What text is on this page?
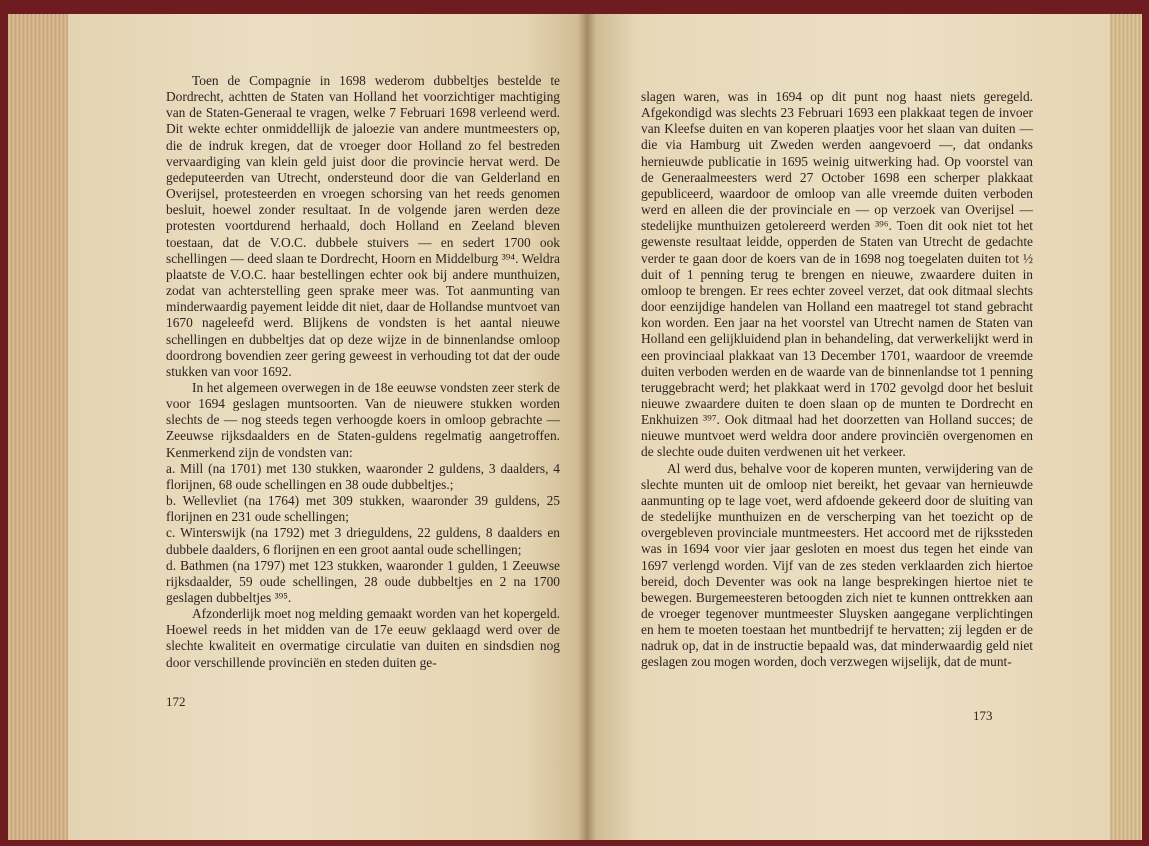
Toen de Compagnie in 1698 wederom dubbeltjes bestelde te Dordrecht, achtten de Staten van Holland het voorzichtiger machtiging van de Staten-Generaal te vragen, welke 7 Februari 1698 verleend werd. Dit wekte echter onmiddellijk de jaloezie van andere muntmeesters op, die de indruk kregen, dat de vroeger door Holland zo fel bestreden vervaardiging van klein geld juist door die provincie hervat werd. De gedeputeerden van Utrecht, ondersteund door die van Gelderland en Overijsel, protesteerden en vroegen schorsing van het reeds genomen besluit, hoewel zonder resultaat. In de volgende jaren werden deze protesten voortdurend herhaald, doch Holland en Zeeland bleven toestaan, dat de V.O.C. dubbele stuivers — en sedert 1700 ook schellingen — deed slaan te Dordrecht, Hoorn en Middelburg ³⁹⁴. Weldra plaatste de V.O.C. haar bestellingen echter ook bij andere munthuizen, zodat van achterstelling geen sprake meer was. Tot aanmunting van minderwaardig payement leidde dit niet, daar de Hollandse muntvoet van 1670 nageleefd werd. Blijkens de vondsten is het aantal nieuwe schellingen en dubbeltjes dat op deze wijze in de binnenlandse omloop doordrong bovendien zeer gering geweest in verhouding tot dat der oude stukken van voor 1692.

In het algemeen overwegen in de 18e eeuwse vondsten zeer sterk de voor 1694 geslagen muntsoorten. Van de nieuwere stukken worden slechts de — nog steeds tegen verhoogde koers in omloop gebrachte — Zeeuwse rijksdaalders en de Staten-guldens regelmatig aangetroffen. Kenmerkend zijn de vondsten van:

a. Mill (na 1701) met 130 stukken, waaronder 2 guldens, 3 daalders, 4 florijnen, 68 oude schellingen en 38 oude dubbeltjes.;

b. Wellevliet (na 1764) met 309 stukken, waaronder 39 guldens, 25 florijnen en 231 oude schellingen;

c. Winterswijk (na 1792) met 3 drieguldens, 22 guldens, 8 daalders en dubbele daalders, 6 florijnen en een groot aantal oude schellingen;

d. Bathmen (na 1797) met 123 stukken, waaronder 1 gulden, 1 Zeeuwse rijksdaalder, 59 oude schellingen, 28 oude dubbeltjes en 2 na 1700 geslagen dubbeltjes ³⁹⁵.

Afzonderlijk moet nog melding gemaakt worden van het kopergeld. Hoewel reeds in het midden van de 17e eeuw geklaagd werd over de slechte kwaliteit en overmatige circulatie van duiten en sindsdien nog door verschillende provinciën en steden duiten ge-

172

slagen waren, was in 1694 op dit punt nog haast niets geregeld. Afgekondigd was slechts 23 Februari 1693 een plakkaat tegen de invoer van Kleefse duiten en van koperen plaatjes voor het slaan van duiten — die via Hamburg uit Zweden werden aangevoerd —, dat ondanks hernieuwde publicatie in 1695 weinig uitwerking had. Op voorstel van de Generaalmeesters werd 27 October 1698 een scherper plakkaat gepubliceerd, waardoor de omloop van alle vreemde duiten verboden werd en alleen die der provinciale en — op verzoek van Overijsel — stedelijke munthuizen getolereerd werden ³⁹⁶. Toen dit ook niet tot het gewenste resultaat leidde, opperden de Staten van Utrecht de gedachte verder te gaan door de koers van de in 1698 nog toegelaten duiten tot ½ duit of 1 penning terug te brengen en nieuwe, zwaardere duiten in omloop te brengen. Er rees echter zoveel verzet, dat ook ditmaal slechts door eenzijdige handelen van Holland een maatregel tot stand gebracht kon worden. Een jaar na het voorstel van Utrecht namen de Staten van Holland een gelijkluidend plan in behandeling, dat verwerkelijkt werd in een provinciaal plakkaat van 13 December 1701, waardoor de vreemde duiten verboden werden en de waarde van de binnenlandse tot 1 penning teruggebracht werd; het plakkaat werd in 1702 gevolgd door het besluit nieuwe zwaardere duiten te doen slaan op de munten te Dordrecht en Enkhuizen ³⁹⁷. Ook ditmaal had het doorzetten van Holland succes; de nieuwe muntvoet werd weldra door andere provinciën overgenomen en de slechte oude duiten verdwenen uit het verkeer.

Al werd dus, behalve voor de koperen munten, verwijdering van de slechte munten uit de omloop niet bereikt, het gevaar van hernieuwde aanmunting op te lage voet, werd afdoende gekeerd door de sluiting van de stedelijke munthuizen en de verscherping van het toezicht op de overgebleven provinciale muntmeesters. Het accoord met de rijkssteden was in 1694 voor vier jaar gesloten en moest dus tegen het einde van 1697 verlengd worden. Vijf van de zes steden verklaarden zich hiertoe bereid, doch Deventer was ook na lange besprekingen hiertoe niet te bewegen. Burgemeesteren betoogden zich niet te kunnen onttrekken aan de vroeger tegenover muntmeester Sluysken aangegane verplichtingen en hem te moeten toestaan het muntbedrijf te hervatten; zij legden er de nadruk op, dat in de instructie bepaald was, dat minderwaardig geld niet geslagen zou mogen worden, doch verzwegen wijselijk, dat de munt-

173
